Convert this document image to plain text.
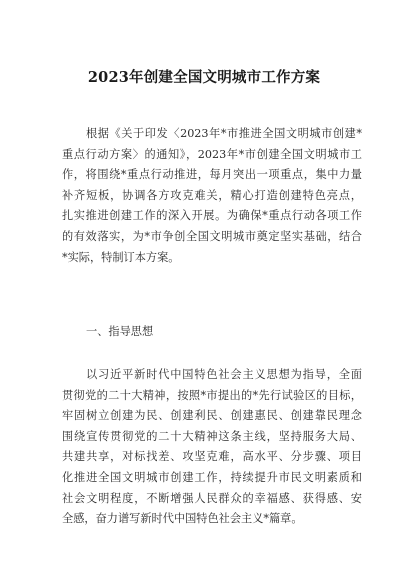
2023年创建全国文明城市工作方案
根据《关于印发〈2023年*市推进全国文明城市创建*
重点行动方案〉的通知》，2023年*市创建全国文明城市工
作，将围绕*重点行动推进，每月突出一项重点，集中力量
补齐短板，协调各方攻克难关，精心打造创建特色亮点，
扎实推进创建工作的深入开展。为确保*重点行动各项工作
的有效落实，为*市争创全国文明城市奠定坚实基础，结合
*实际，特制订本方案。
一、指导思想
以习近平新时代中国特色社会主义思想为指导，全面
贯彻党的二十大精神，按照*市提出的*先行试验区的目标，
牢固树立创建为民、创建利民、创建惠民、创建靠民理念
围绕宣传贯彻党的二十大精神这条主线，坚持服务大局、
共建共享，对标找差、攻坚克难，高水平、分步骤、项目
化推进全国文明城市创建工作，持续提升市民文明素质和
社会文明程度，不断增强人民群众的幸福感、获得感、安
全感，奋力谱写新时代中国特色社会主义*篇章。
